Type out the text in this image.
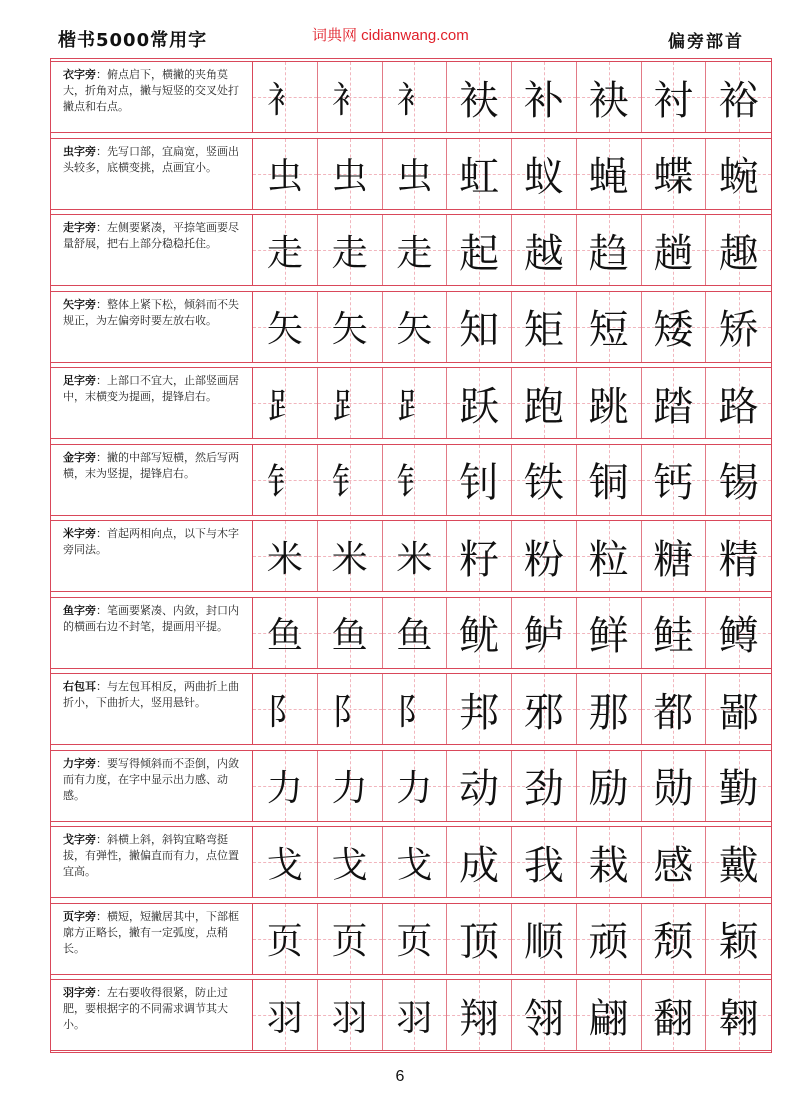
楷书5000常用字	词典网 cidianwang.com	偏旁部首
衣字旁：俯点启下，横撇的夹角莫大，折角对点，撇与短竖的交叉处打撇点和右点。	衤 衤 衤 衭 补 袂 衬 裕
虫字旁：先写口部，宜扁宽，竖画出头较多，底横变挑，点画宜小。	虫 虫 虫 虹 蚁 蝇 蝶 蜿
走字旁：左侧要紧凑，平捺笔画要尽量舒展，把右上部分稳稳托住。	走 走 走 起 越 趋 趟 趣
矢字旁：整体上紧下松，倾斜而不失规正，为左偏旁时要左放右收。	矢 矢 矢 知 矩 短 矮 矫
足字旁：上部口不宜大，止部竖画居中，末横变为提画，提锋启右。	⻊ ⻊ ⻊ 跃 跑 跳 踏 路
金字旁：撇的中部写短横，然后写两横，末为竖提，提锋启右。	钅 钅 钅 钊 铁 铜 钙 锡
米字旁：首起两相向点，以下与木字旁同法。	米 米 米 籽 粉 粒 糖 精
鱼字旁：笔画要紧凑、内敛，封口内的横画右边不封笔，提画用平提。	鱼 鱼 鱼 鱿 鲈 鲜 鲑 鳟
右包耳：与左包耳相反，两曲折上曲折小，下曲折大，竖用悬针。	阝 阝 阝 邦 邪 那 都 鄙
力字旁：要写得倾斜而不歪倒，内敛而有力度，在字中显示出力感、动感。	力 力 力 动 劲 励 勋 勤
戈字旁：斜横上斜，斜钩宜略弯挺拔，有弹性，撇偏直而有力，点位置宜高。	戈 戈 戈 成 我 栽 感 戴
页字旁：横短，短撇居其中，下部框廓方正略长，撇有一定弧度，点稍长。	页 页 页 顶 顺 顽 颓 颖
羽字旁：左右要收得很紧，防止过肥，要根据字的不同需求调节其大小。	羽 羽 羽 翔 翎 翩 翻 翱
6
